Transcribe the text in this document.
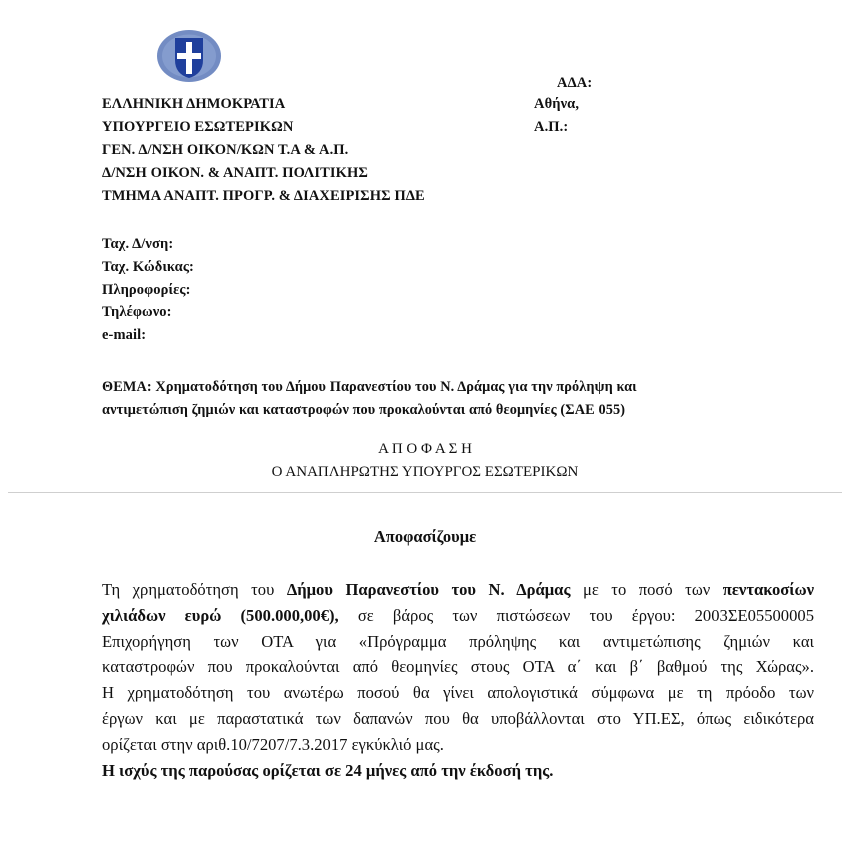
ΑΔΑ:
ΕΛΛΗΝΙΚΗ ΔΗΜΟΚΡΑΤΙΑ
ΥΠΟΥΡΓΕΙΟ ΕΣΩΤΕΡΙΚΩΝ
ΓΕΝ. Δ/ΝΣΗ ΟΙΚΟΝ/ΚΩΝ Τ.Α & Α.Π.
Δ/ΝΣΗ ΟΙΚΟΝ. & ΑΝΑΠΤ. ΠΟΛΙΤΙΚΗΣ
ΤΜΗΜΑ ΑΝΑΠΤ. ΠΡΟΓΡ. & ΔΙΑΧΕΙΡΙΣΗΣ ΠΔΕ
Αθήνα,
Α.Π.:
Ταχ. Δ/νση:
Ταχ. Κώδικας:
Πληροφορίες:
Τηλέφωνο:
e-mail:
ΘΕΜΑ: Χρηματοδότηση του Δήμου Παρανεστίου του Ν. Δράμας για την πρόληψη και
αντιμετώπιση ζημιών και καταστροφών που προκαλούνται από θεομηνίες (ΣΑΕ 055)
Α Π Ο Φ Α Σ Η
Ο ΑΝΑΠΛΗΡΩΤΗΣ ΥΠΟΥΡΓΟΣ ΕΣΩΤΕΡΙΚΩΝ
Αποφασίζουμε
Τη χρηματοδότηση του Δήμου Παρανεστίου του Ν. Δράμας με το ποσό των πεντακοσίων
χιλιάδων ευρώ (500.000,00€), σε βάρος των πιστώσεων του έργου: 2003ΣΕ05500005
Επιχορήγηση των ΟΤΑ για «Πρόγραμμα πρόληψης και αντιμετώπισης ζημιών και
καταστροφών που προκαλούνται από θεομηνίες στους ΟΤΑ α΄ και β΄ βαθμού της Χώρας».
Η χρηματοδότηση του ανωτέρω ποσού θα γίνει απολογιστικά σύμφωνα με τη πρόοδο των
έργων και με παραστατικά των δαπανών που θα υποβάλλονται στο ΥΠ.ΕΣ, όπως ειδικότερα
ορίζεται στην αριθ.10/7207/7.3.2017 εγκύκλιό μας.
Η ισχύς της παρούσας ορίζεται σε 24 μήνες από την έκδοσή της.
